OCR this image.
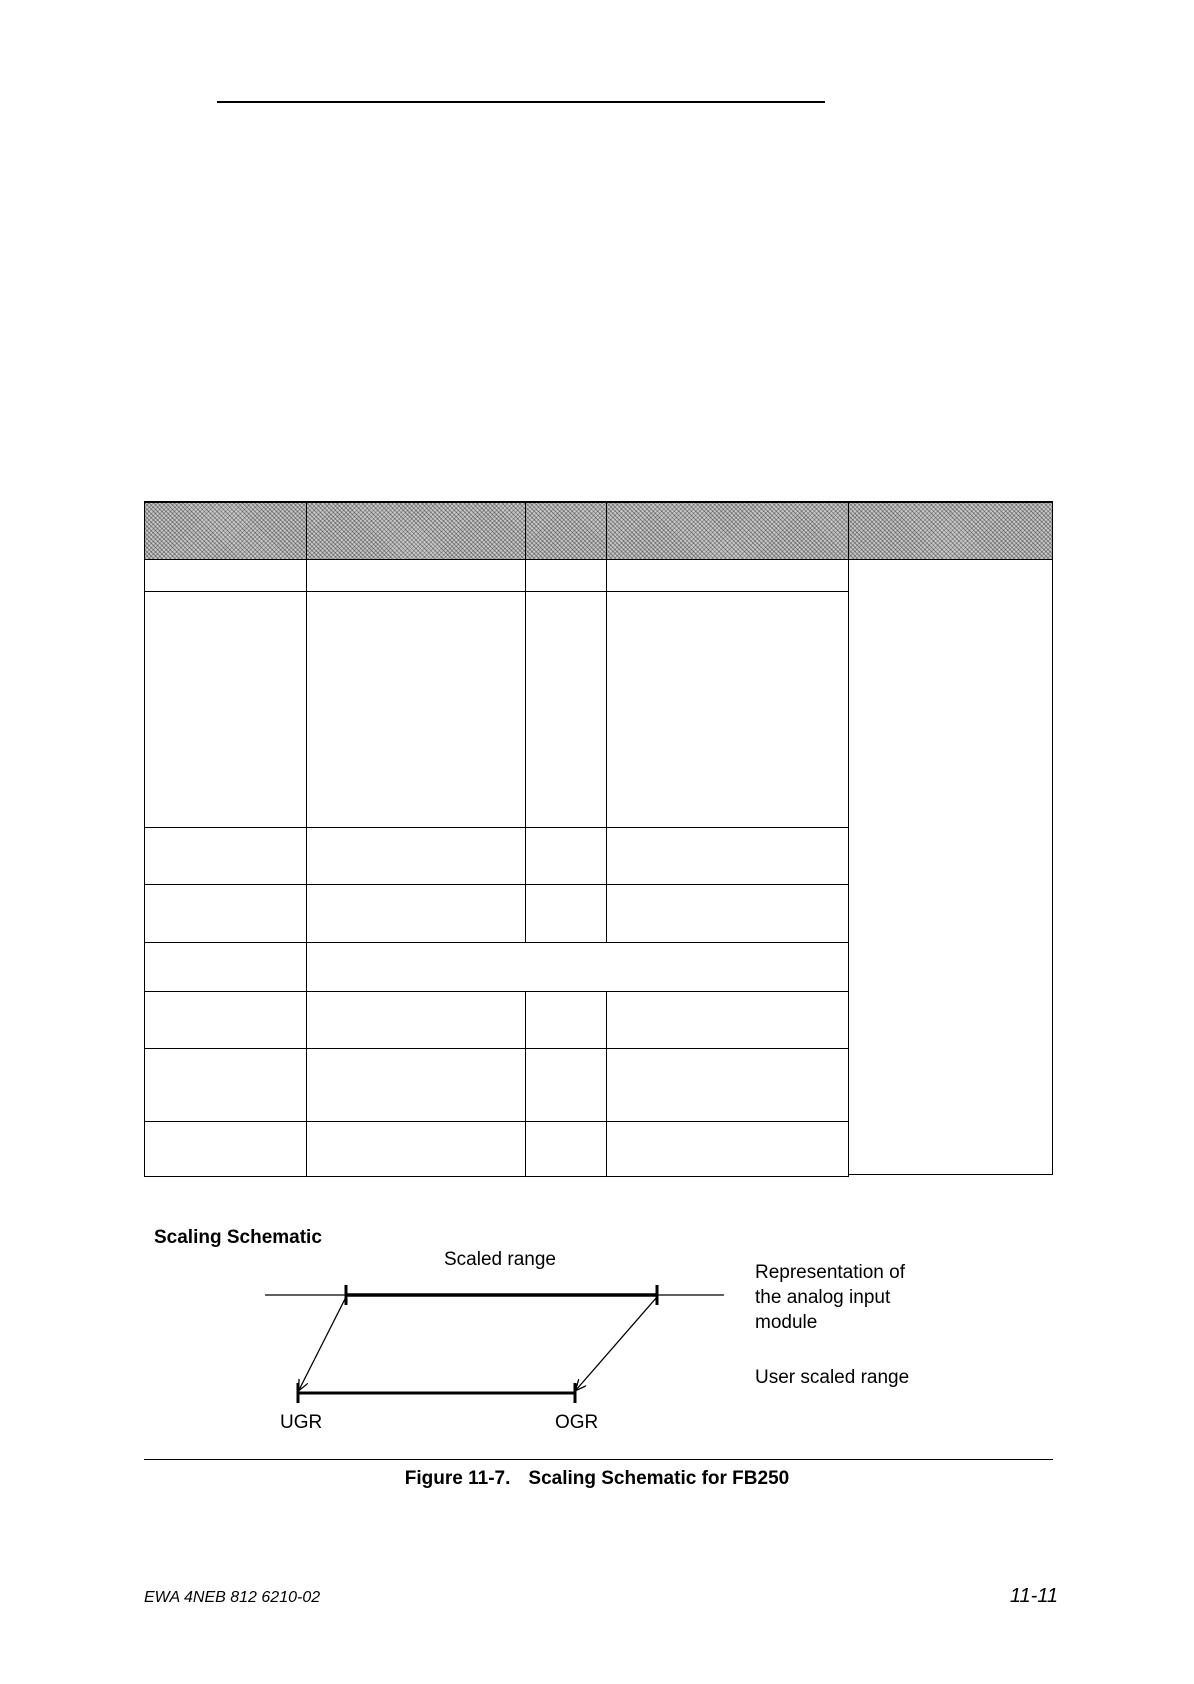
Scaling Schematic
Scaled range
Representation of
the analog input
module
User scaled range
UGR	OGR
Figure 11-7. Scaling Schematic for FB250
EWA 4NEB 812 6210-02	11-11
